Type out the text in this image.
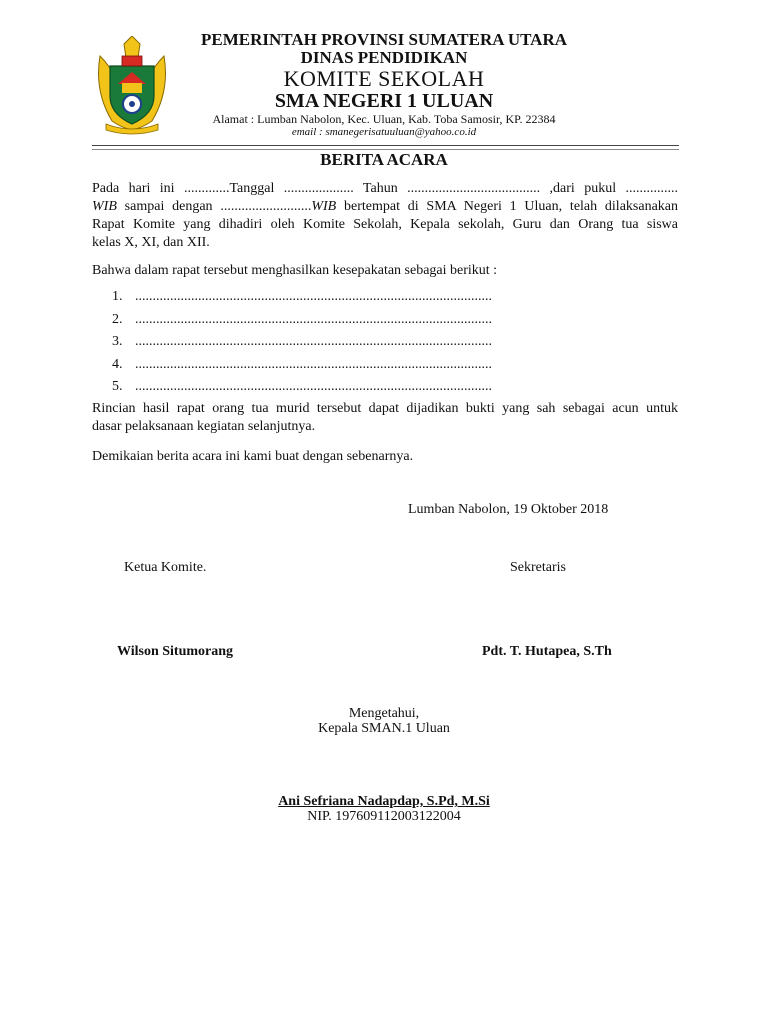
PEMERINTAH PROVINSI SUMATERA UTARA
DINAS PENDIDIKAN
KOMITE SEKOLAH
SMA NEGERI 1 ULUAN
Alamat : Lumban Nabolon, Kec. Uluan, Kab. Toba Samosir, KP. 22384
email : smanegerisatuuluan@yahoo.co.id
BERITA ACARA
Pada hari ini .............Tanggal .................... Tahun ...................................... ,dari pukul ...............
WIB sampai dengan ..........................WIB bertempat di SMA Negeri 1 Uluan, telah dilaksanakan
Rapat Komite yang dihadiri oleh Komite Sekolah, Kepala sekolah, Guru dan Orang tua siswa
kelas X, XI, dan XII.
Bahwa dalam rapat tersebut menghasilkan kesepakatan sebagai berikut :
1. ......................................................................................................
2. ......................................................................................................
3. ......................................................................................................
4. ......................................................................................................
5. ......................................................................................................
Rincian hasil rapat orang tua murid tersebut dapat dijadikan bukti yang sah sebagai acun untuk
dasar pelaksanaan kegiatan selanjutnya.
Demikaian berita acara ini kami buat dengan sebenarnya.
Lumban Nabolon, 19 Oktober 2018
Ketua Komite.	Sekretaris
Wilson Situmorang	Pdt. T. Hutapea, S.Th
Mengetahui,
Kepala SMAN.1 Uluan
Ani Sefriana Nadapdap, S.Pd, M.Si
NIP. 197609112003122004
